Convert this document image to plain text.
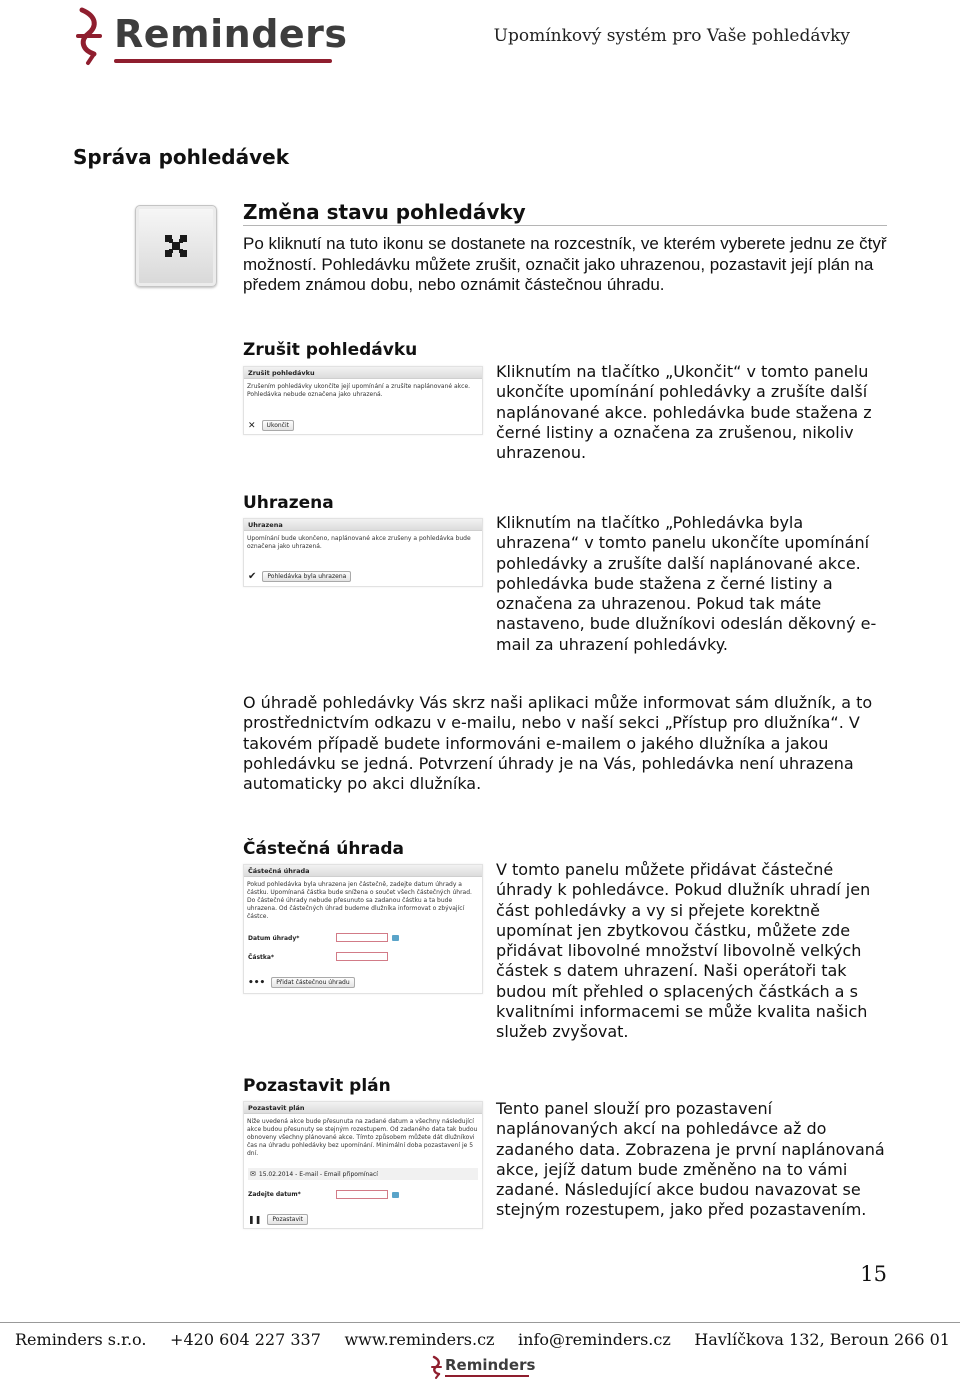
Reminders	Upomínkový systém pro Vaše pohledávky
Správa pohledávek
Změna stavu pohledávky

Po kliknutí na tuto ikonu se dostanete na rozcestník, ve kterém vyberete jednu ze čtyř možností. Pohledávku můžete zrušit, označit jako uhrazenou, pozastavit její plán na předem známou dobu, nebo oznámit částečnou úhradu.

Zrušit pohledávku
Zrušit pohledávku
Zrušením pohledávky ukončíte její upomínání a zrušíte naplánované akce. Pohledávka nebude označena jako uhrazená.
✕	Ukončit

Kliknutím na tlačítko „Ukončit“ v tomto panelu ukončíte upomínání pohledávky a zrušíte další naplánované akce. pohledávka bude stažena z černé listiny a označena za zrušenou, nikoliv uhrazenou.

Uhrazena
Uhrazena
Upomínání bude ukončeno, naplánované akce zrušeny a pohledávka bude označena jako uhrazená.
✔	Pohledávka byla uhrazena

Kliknutím na tlačítko „Pohledávka byla uhrazena“ v tomto panelu ukončíte upomínání pohledávky a zrušíte další naplánované akce. pohledávka bude stažena z černé listiny a označena za uhrazenou. Pokud tak máte nastaveno, bude dlužníkovi odeslán děkovný e-mail za uhrazení pohledávky.

O úhradě pohledávky Vás skrz naši aplikaci může informovat sám dlužník, a to prostřednictvím odkazu v e-mailu, nebo v naší sekci „Přístup pro dlužníka“. V takovém případě budete informováni e-mailem o jakého dlužníka a jakou pohledávku se jedná. Potvrzení úhrady je na Vás, pohledávka není uhrazena automaticky po akci dlužníka.

Částečná úhrada
Částečná úhrada
Pokud pohledávka byla uhrazena jen částečně, zadejte datum úhrady a částku. Upomínaná částka bude snížena o součet všech částečných úhrad. Do částečné úhrady nebude přesunuto sa zadanou částku a ta bude uhrazena. Od částečných úhrad budeme dlužníka informovat o zbývající částce.
Datum úhrady*
Částka*
•••	Přidat částečnou úhradu

V tomto panelu můžete přidávat částečné úhrady k pohledávce. Pokud dlužník uhradí jen část pohledávky a vy si přejete korektně upomínat jen zbytkovou částku, můžete zde přidávat libovolné množství libovolně velkých částek s datem uhrazení. Naši operátoři tak budou mít přehled o splacených částkách a s kvalitními informacemi se může kvalita našich služeb zvyšovat.

Pozastavit plán
Pozastavit plán
Níže uvedená akce bude přesunuta na zadané datum a všechny následující akce budou přesunuty se stejným rozestupem. Od zadaného data tak budou obnoveny všechny plánované akce. Tímto způsobem můžete dát dlužníkovi čas na úhradu pohledávky bez upomínání. Minimální doba pozastavení je 5 dní.
✉ 15.02.2014 - E-mail - Email připomínací
Zadejte datum*
❚❚	Pozastavit

Tento panel slouží pro pozastavení naplánovaných akcí na pohledávce až do zadaného data. Zobrazena je první naplánovaná akce, jejíž datum bude změněno na to vámi zadané. Následující akce budou navazovat se stejným rozestupem, jako před pozastavením.

15
Reminders s.r.o. +420 604 227 337 www.reminders.cz info@reminders.cz Havlíčkova 132, Beroun 266 01
Reminders
